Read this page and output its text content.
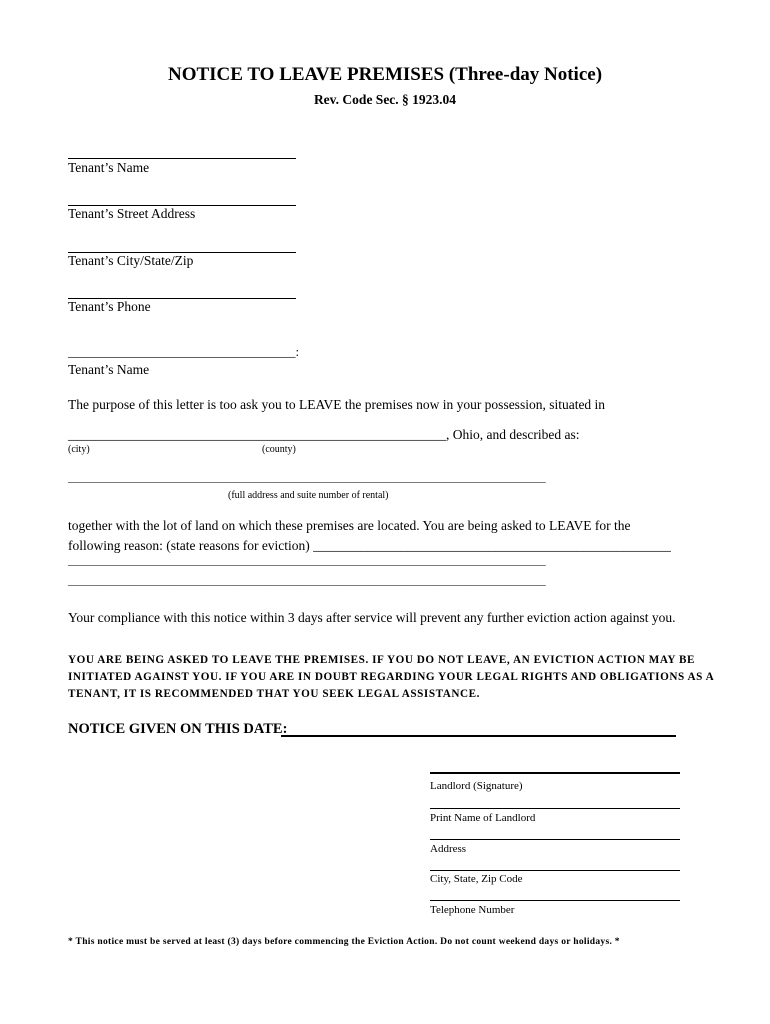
NOTICE TO LEAVE PREMISES (Three-day Notice)
Rev. Code Sec. § 1923.04
Tenant’s Name
Tenant’s Street Address
Tenant’s City/State/Zip
Tenant’s Phone
___________________________________:
Tenant’s Name
The purpose of this letter is too ask you to LEAVE the premises now in your possession, situated in
________________________________________________________, Ohio, and described as:
(city)	(county)
___________________________________________________________________________________________
(full address and suite number of rental)
together with the lot of land on which these premises are located. You are being asked to LEAVE for the
following reason: (state reasons for eviction) _____________________________________________________
___________________________________________________________________________________________
___________________________________________________________________________________________
Your compliance with this notice within 3 days after service will prevent any further eviction action against you.
YOU ARE BEING ASKED TO LEAVE THE PREMISES. IF YOU DO NOT LEAVE, AN EVICTION ACTION MAY BE INITIATED AGAINST YOU. IF YOU ARE IN DOUBT REGARDING YOUR LEGAL RIGHTS AND OBLIGATIONS AS A TENANT, IT IS RECOMMENDED THAT YOU SEEK LEGAL ASSISTANCE.
NOTICE GIVEN ON THIS DATE:
Landlord (Signature)
Print Name of Landlord
Address
City, State, Zip Code
Telephone Number
* This notice must be served at least (3) days before commencing the Eviction Action. Do not count weekend days or holidays. *
